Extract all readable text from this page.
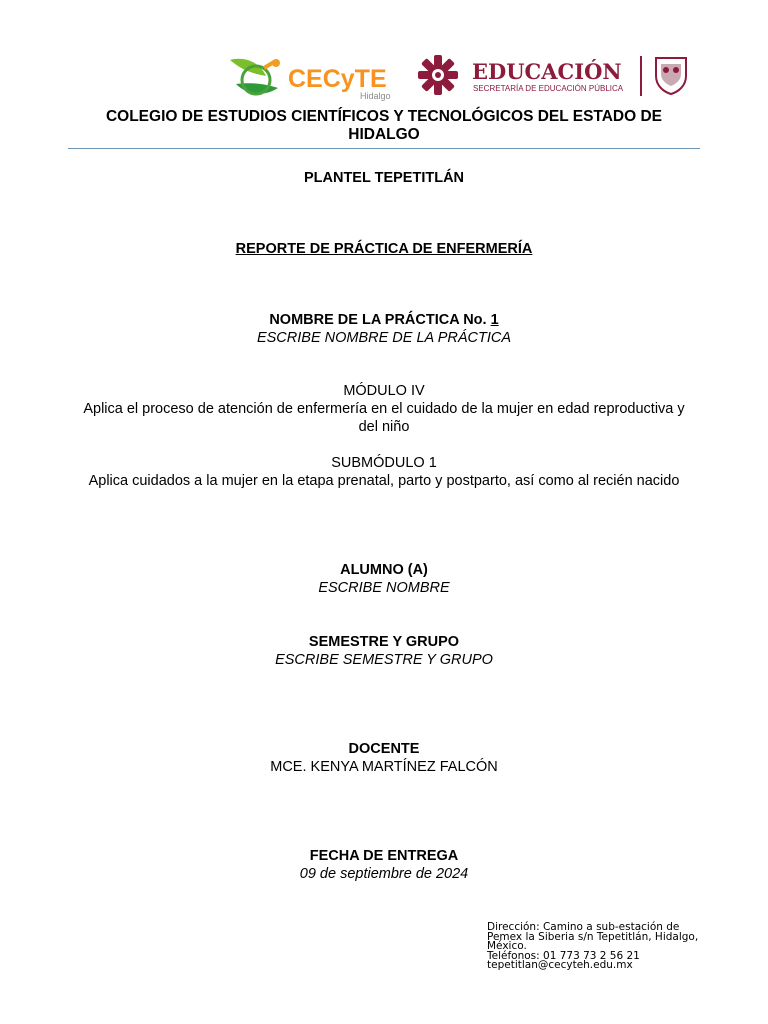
CECyTE
Hidalgo
EDUCACIÓN
SECRETARÍA DE EDUCACIÓN PÚBLICA
COLEGIO DE ESTUDIOS CIENTÍFICOS Y TECNOLÓGICOS DEL ESTADO DE
HIDALGO
PLANTEL TEPETITLÁN
REPORTE DE PRÁCTICA DE ENFERMERÍA
NOMBRE DE LA PRÁCTICA No. 1
ESCRIBE NOMBRE DE LA PRÁCTICA
MÓDULO IV
Aplica el proceso de atención de enfermería en el cuidado de la mujer en edad reproductiva y
del niño
SUBMÓDULO 1
Aplica cuidados a la mujer en la etapa prenatal, parto y postparto, así como al recién nacido
ALUMNO (A)
ESCRIBE NOMBRE
SEMESTRE Y GRUPO
ESCRIBE SEMESTRE Y GRUPO
DOCENTE
MCE. KENYA MARTÍNEZ FALCÓN
FECHA DE ENTREGA
09 de septiembre de 2024
Dirección: Camino a sub-estación de
Pemex la Siberia s/n Tepetitlán, Hidalgo,
México.
Teléfonos: 01 773 73 2 56 21
tepetitlan@cecyteh.edu.mx
